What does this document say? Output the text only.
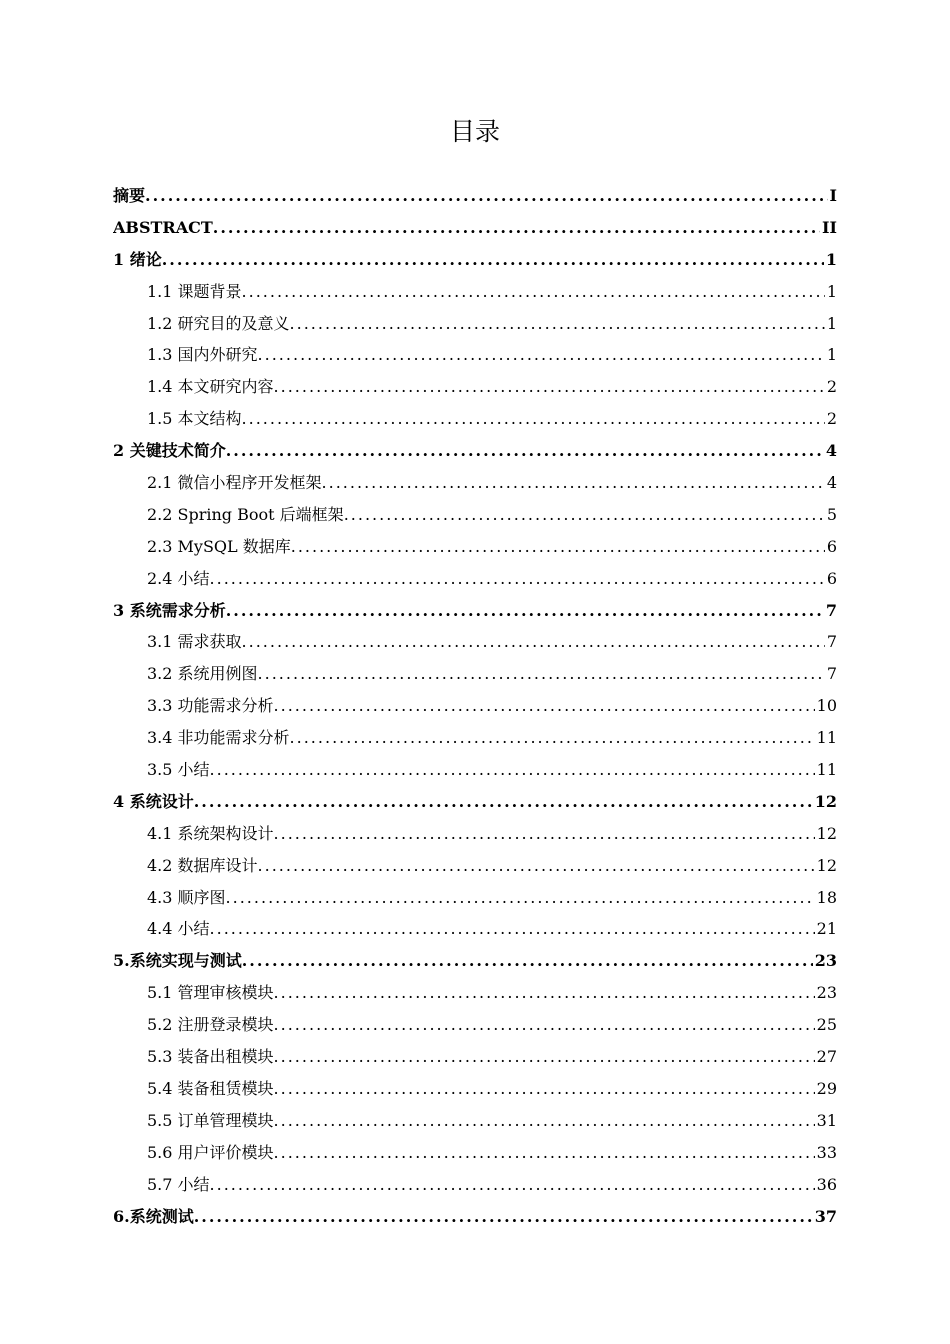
目录
摘要 .....	I
ABSTRACT .....	II
1 绪论 .....	1
1.1 课题背景 .....	1
1.2 研究目的及意义 .....	1
1.3 国内外研究 .....	1
1.4 本文研究内容 .....	2
1.5 本文结构 .....	2
2 关键技术简介 .....	4
2.1 微信小程序开发框架 .....	4
2.2 Spring Boot 后端框架 .....	5
2.3 MySQL 数据库 .....	6
2.4 小结 .....	6
3 系统需求分析 .....	7
3.1 需求获取 .....	7
3.2 系统用例图 .....	7
3.3 功能需求分析 .....	10
3.4 非功能需求分析 .....	11
3.5 小结 .....	11
4 系统设计 .....	12
4.1 系统架构设计 .....	12
4.2 数据库设计 .....	12
4.3 顺序图 .....	18
4.4 小结 .....	21
5.系统实现与测试 .....	23
5.1 管理审核模块 .....	23
5.2 注册登录模块 .....	25
5.3 装备出租模块 .....	27
5.4 装备租赁模块 .....	29
5.5 订单管理模块 .....	31
5.6 用户评价模块 .....	33
5.7 小结 .....	36
6.系统测试 .....	37
